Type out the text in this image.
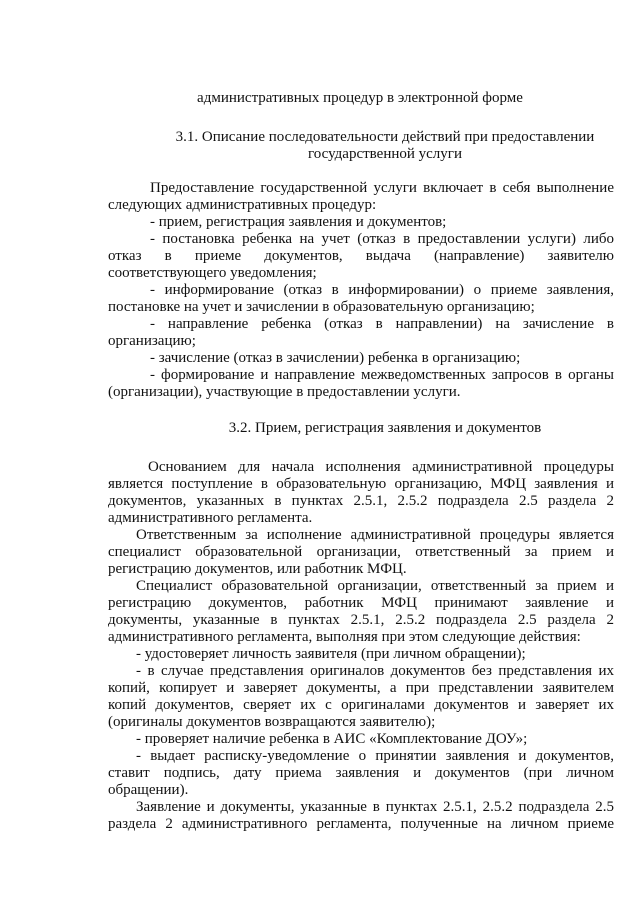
административных процедур в электронной форме
3.1. Описание последовательности действий при предоставлении
государственной услуги
Предоставление государственной услуги включает в себя выполнение
следующих административных процедур:
- прием, регистрация заявления и документов;
- постановка ребенка на учет (отказ в предоставлении услуги) либо
отказ в приеме документов, выдача (направление) заявителю
соответствующего уведомления;
- информирование (отказ в информировании) о приеме заявления,
постановке на учет и зачислении в образовательную организацию;
- направление ребенка (отказ в направлении) на зачисление в
организацию;
- зачисление (отказ в зачислении) ребенка в организацию;
- формирование и направление межведомственных запросов в органы
(организации), участвующие в предоставлении услуги.
3.2. Прием, регистрация заявления и документов
Основанием для начала исполнения административной процедуры
является поступление в образовательную организацию, МФЦ заявления и
документов, указанных в пунктах 2.5.1, 2.5.2 подраздела 2.5 раздела 2
административного регламента.
Ответственным за исполнение административной процедуры является
специалист образовательной организации, ответственный за прием и
регистрацию документов, или работник МФЦ.
Специалист образовательной организации, ответственный за прием и
регистрацию документов, работник МФЦ принимают заявление и
документы, указанные в пунктах 2.5.1, 2.5.2 подраздела 2.5 раздела 2
административного регламента, выполняя при этом следующие действия:
- удостоверяет личность заявителя (при личном обращении);
- в случае представления оригиналов документов без представления их
копий, копирует и заверяет документы, а при представлении заявителем
копий документов, сверяет их с оригиналами документов и заверяет их
(оригиналы документов возвращаются заявителю);
- проверяет наличие ребенка в АИС «Комплектование ДОУ»;
- выдает расписку-уведомление о принятии заявления и документов,
ставит подпись, дату приема заявления и документов (при личном
обращении).
Заявление и документы, указанные в пунктах 2.5.1, 2.5.2 подраздела 2.5
раздела 2 административного регламента, полученные на личном приеме
